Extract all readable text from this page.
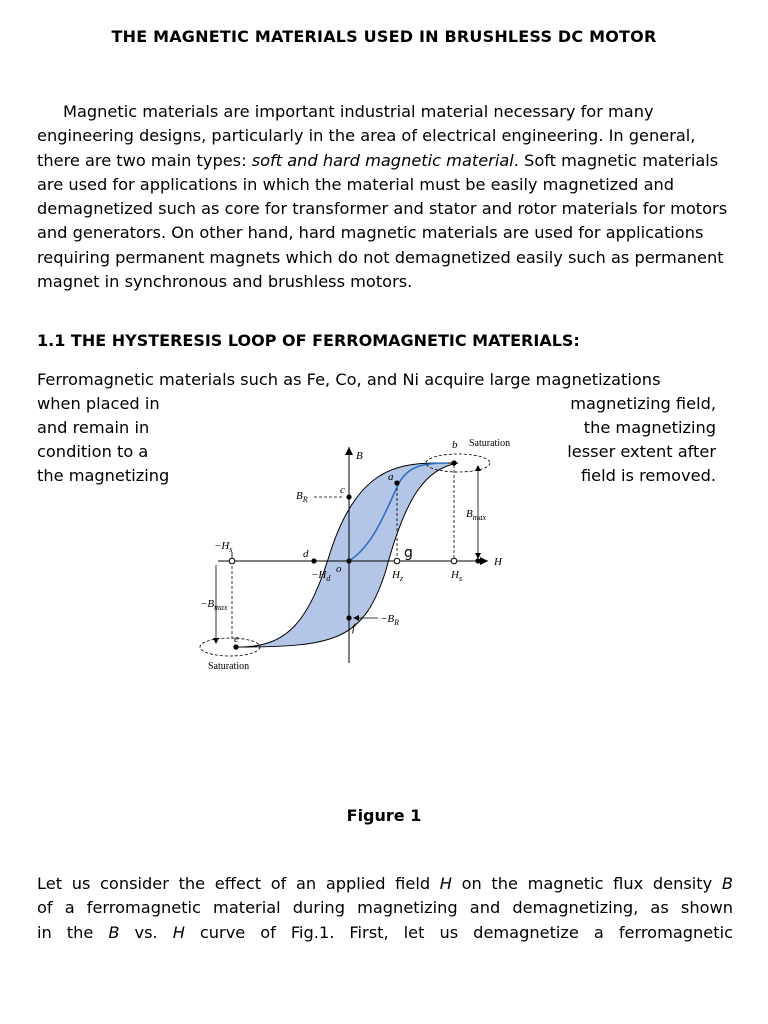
THE MAGNETIC MATERIALS USED IN BRUSHLESS DC MOTOR
Magnetic materials are important industrial material necessary for many engineering designs, particularly in the area of electrical engineering. In general, there are two main types: soft and hard magnetic material. Soft magnetic materials are used for applications in which the material must be easily magnetized and demagnetized such as core for transformer and stator and rotor materials for motors and generators. On other hand, hard magnetic materials are used for applications requiring permanent magnets which do not demagnetized easily such as permanent magnet in synchronous and brushless motors.
1.1 THE HYSTERESIS LOOP OF FERROMAGNETIC MATERIALS:
Ferromagnetic materials such as Fe, Co, and Ni acquire large magnetizations
when placed in
and remain in
condition to a
the magnetizing
magnetizing field,
the magnetizing
lesser extent after
field is removed.
B
H
$B_R$
$B_{max}$
$-H_s$
$-B_{max}$
$-H_d$	$H_z$	$H_s$
$-B_R$
a
b
c
d
e
f
o
Saturation
Saturation
g
Figure 1
Let us consider the effect of an applied field H on the magnetic flux density B
of a ferromagnetic material during magnetizing and demagnetizing, as shown
in the B vs. H curve of Fig.1. First, let us demagnetize a ferromagnetic
